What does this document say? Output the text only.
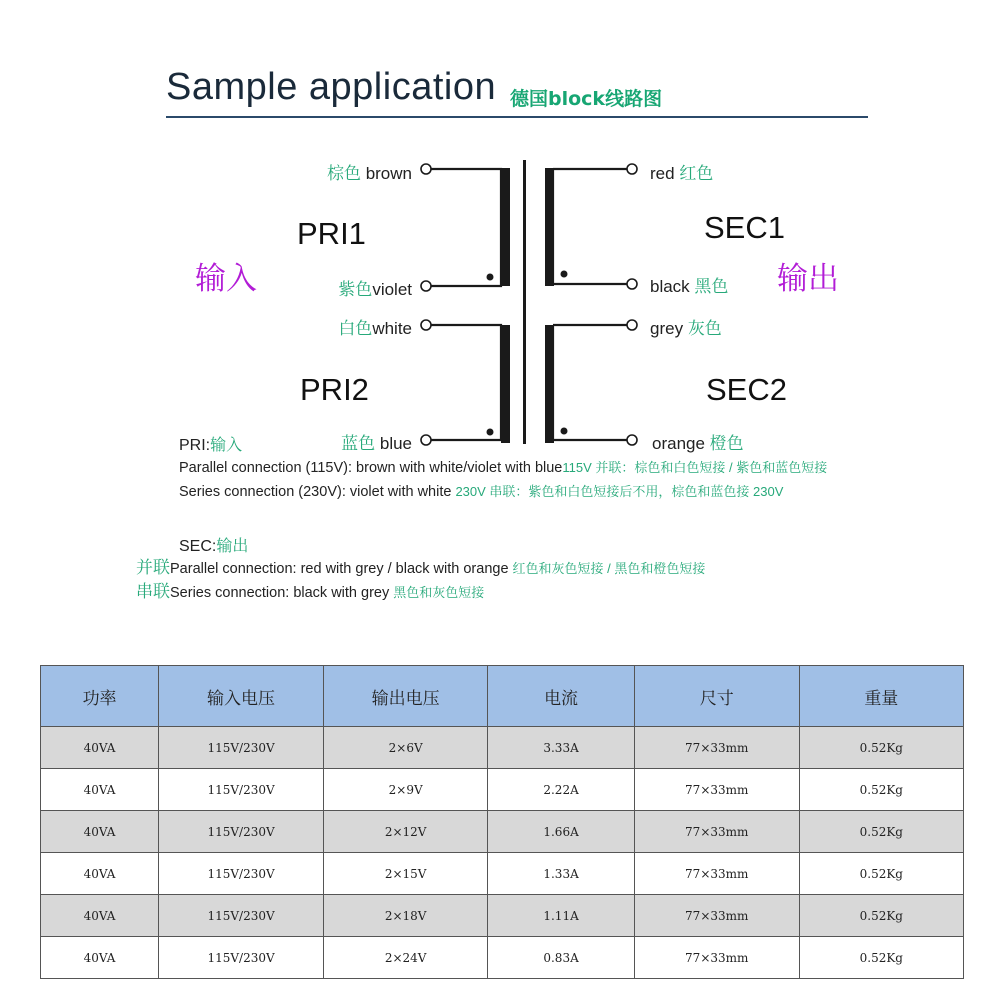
Sample application 德国block线路图
棕色 brown
紫色violet
白色white
蓝色 blue
red 红色
black 黑色
grey 灰色
orange 橙色
PRI1
PRI2
SEC1
SEC2
输入	输出
PRI:输入
Parallel connection (115V): brown with white/violet with blue115V 并联：棕色和白色短接 / 紫色和蓝色短接
Series connection (230V): violet with white 230V 串联：紫色和白色短接后不用，棕色和蓝色接 230V
SEC:输出
并联Parallel connection: red with grey / black with orange 红色和灰色短接 / 黑色和橙色短接
串联Series connection: black with grey 黑色和灰色短接
功率	输入电压	输出电压	电流	尺寸	重量
40VA	115V/230V	2×6V	3.33A	77×33mm	0.52Kg
40VA	115V/230V	2×9V	2.22A	77×33mm	0.52Kg
40VA	115V/230V	2×12V	1.66A	77×33mm	0.52Kg
40VA	115V/230V	2×15V	1.33A	77×33mm	0.52Kg
40VA	115V/230V	2×18V	1.11A	77×33mm	0.52Kg
40VA	115V/230V	2×24V	0.83A	77×33mm	0.52Kg
